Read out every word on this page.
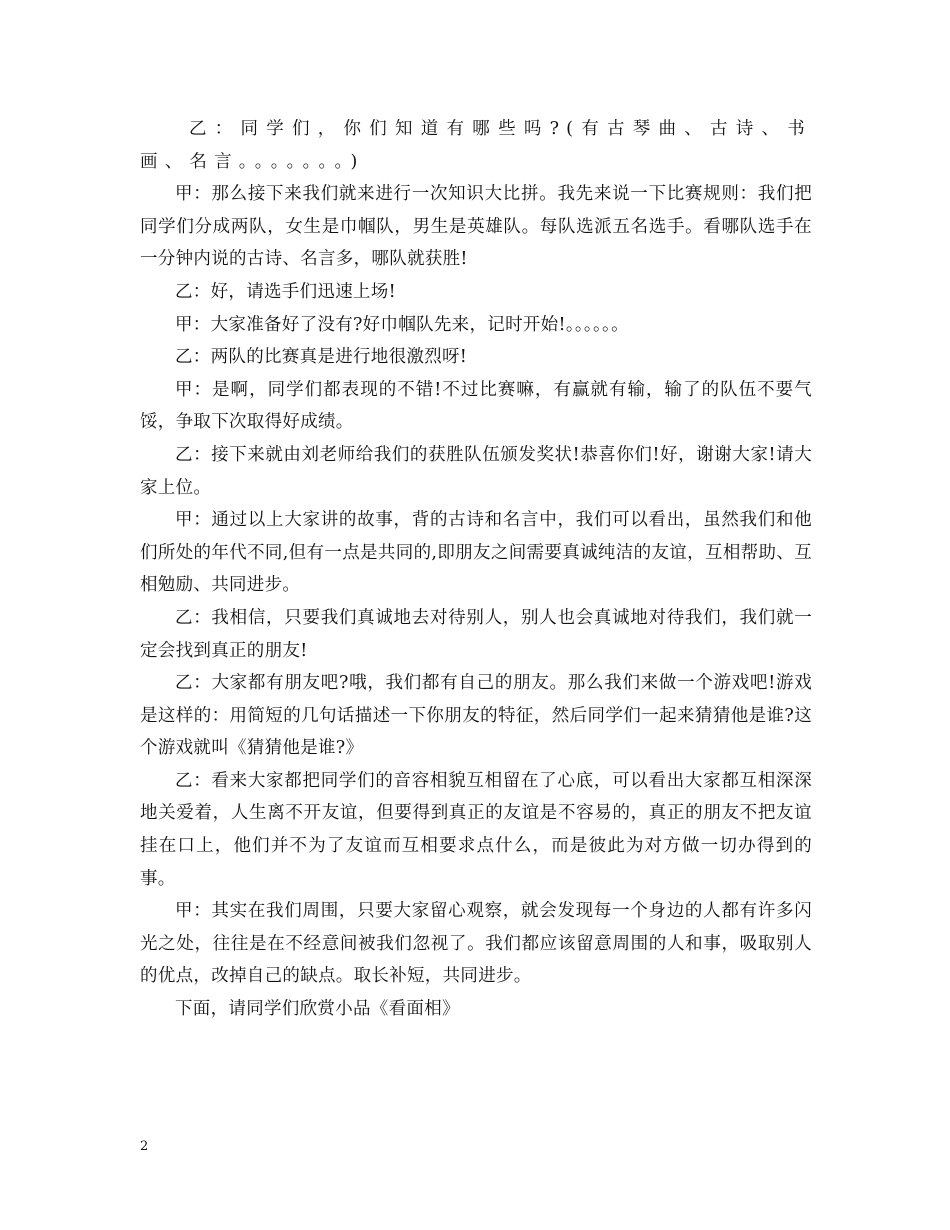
乙：同学们，你们知道有哪些吗?(有古琴曲、古诗、书画、名言。。。。。。。)

甲：那么接下来我们就来进行一次知识大比拼。我先来说一下比赛规则：我们把同学们分成两队，女生是巾帼队，男生是英雄队。每队选派五名选手。看哪队选手在一分钟内说的古诗、名言多，哪队就获胜!

乙：好，请选手们迅速上场!

甲：大家准备好了没有?好巾帼队先来，记时开始!。。。。。。

乙：两队的比赛真是进行地很激烈呀!

甲：是啊，同学们都表现的不错!不过比赛嘛，有赢就有输，输了的队伍不要气馁，争取下次取得好成绩。

乙：接下来就由刘老师给我们的获胜队伍颁发奖状!恭喜你们!好，谢谢大家!请大家上位。

甲：通过以上大家讲的故事，背的古诗和名言中，我们可以看出，虽然我们和他们所处的年代不同,但有一点是共同的,即朋友之间需要真诚纯洁的友谊，互相帮助、互相勉励、共同进步。

乙：我相信，只要我们真诚地去对待别人，别人也会真诚地对待我们，我们就一定会找到真正的朋友!

乙：大家都有朋友吧?哦，我们都有自己的朋友。那么我们来做一个游戏吧!游戏是这样的：用简短的几句话描述一下你朋友的特征，然后同学们一起来猜猜他是谁?这个游戏就叫《猜猜他是谁?》

乙：看来大家都把同学们的音容相貌互相留在了心底，可以看出大家都互相深深地关爱着，人生离不开友谊，但要得到真正的友谊是不容易的，真正的朋友不把友谊挂在口上，他们并不为了友谊而互相要求点什么，而是彼此为对方做一切办得到的事。

甲：其实在我们周围，只要大家留心观察，就会发现每一个身边的人都有许多闪光之处，往往是在不经意间被我们忽视了。我们都应该留意周围的人和事，吸取别人的优点，改掉自己的缺点。取长补短，共同进步。

下面，请同学们欣赏小品《看面相》

2
